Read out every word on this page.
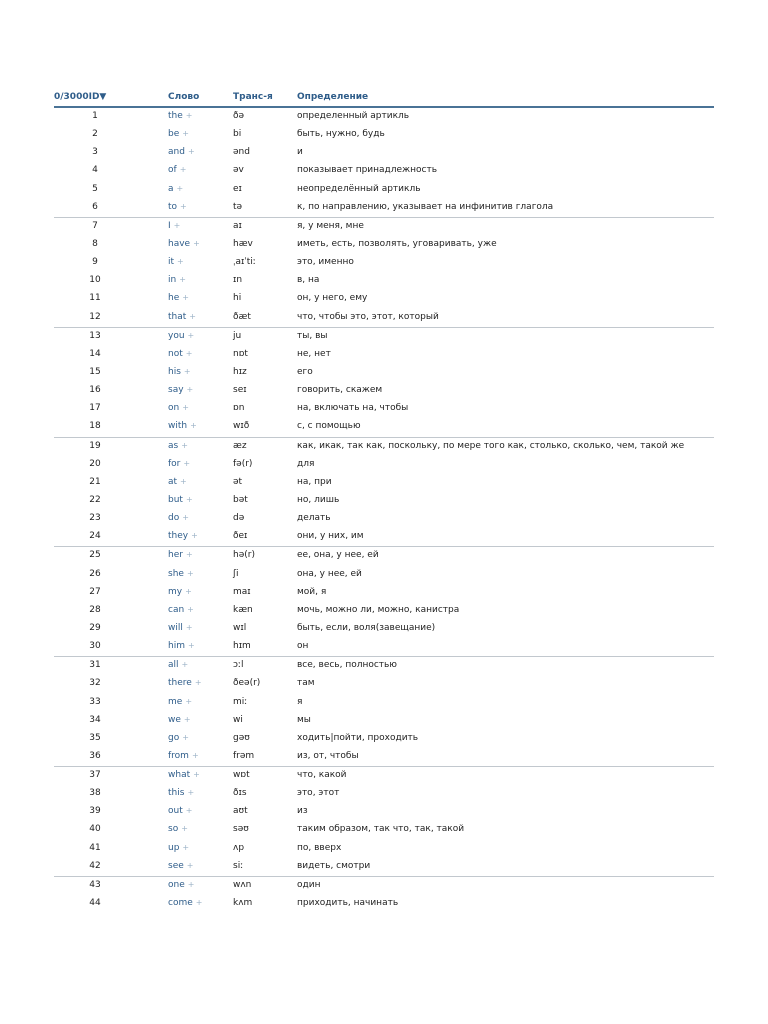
0/3000ID▼	Слово	Транс-я	Определение
1	the +	ðə	определенный артикль
2	be +	bi	быть, нужно, будь
3	and +	ənd	и
4	of +	əv	показывает принадлежность
5	a +	eɪ	неопределённый артикль
6	to +	tə	к, по направлению, указывает на инфинитив глагола
7	I +	aɪ	я, у меня, мне
8	have +	hæv	иметь, есть, позволять, уговаривать, уже
9	it +	ˌaɪˈtiː	это, именно
10	in +	ɪn	в, на
11	he +	hi	он, у него, ему
12	that +	ðæt	что, чтобы это, этот, который
13	you +	ju	ты, вы
14	not +	nɒt	не, нет
15	his +	hɪz	его
16	say +	seɪ	говорить, скажем
17	on +	ɒn	на, включать на, чтобы
18	with +	wɪð	с, с помощью
19	as +	æz	как, икак, так как, поскольку, по мере того как, столько, сколько, чем, такой же
20	for +	fə(r)	для
21	at +	ət	на, при
22	but +	bət	но, лишь
23	do +	də	делать
24	they +	ðeɪ	они, у них, им
25	her +	hə(r)	ее, она, у нее, ей
26	she +	ʃi	она, у нее, ей
27	my +	maɪ	мой, я
28	can +	kæn	мочь, можно ли, можно, канистра
29	will +	wɪl	быть, если, воля(завещание)
30	him +	hɪm	он
31	all +	ɔːl	все, весь, полностью
32	there +	ðeə(r)	там
33	me +	miː	я
34	we +	wi	мы
35	go +	gəʊ	ходить|пойти, проходить
36	from +	frəm	из, от, чтобы
37	what +	wɒt	что, какой
38	this +	ðɪs	это, этот
39	out +	aʊt	из
40	so +	səʊ	таким образом, так что, так, такой
41	up +	ʌp	по, вверх
42	see +	siː	видеть, смотри
43	one +	wʌn	один
44	come +	kʌm	приходить, начинать
